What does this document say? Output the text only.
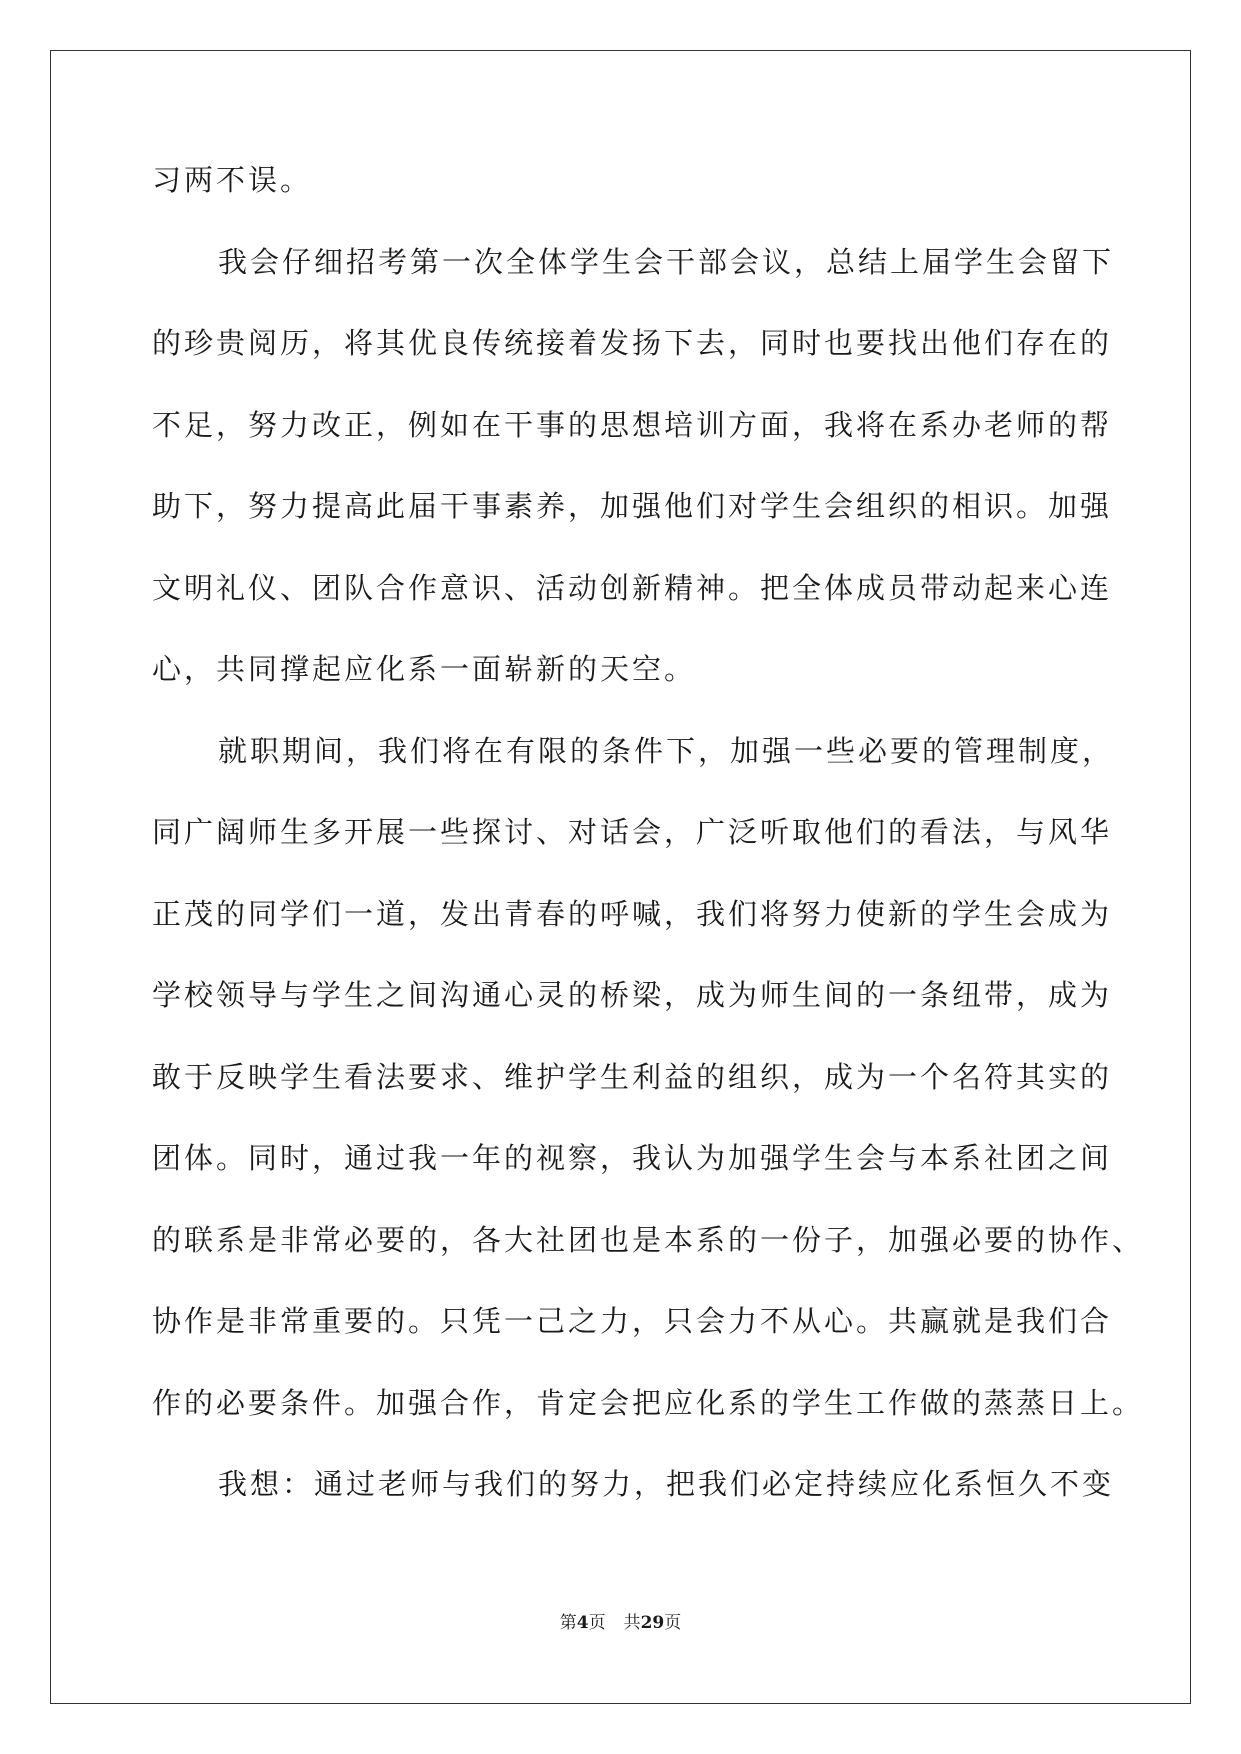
习两不误。
我会仔细招考第一次全体学生会干部会议，总结上届学生会留下
的珍贵阅历，将其优良传统接着发扬下去，同时也要找出他们存在的
不足，努力改正，例如在干事的思想培训方面，我将在系办老师的帮
助下，努力提高此届干事素养，加强他们对学生会组织的相识。加强
文明礼仪、团队合作意识、活动创新精神。把全体成员带动起来心连
心，共同撑起应化系一面崭新的天空。
就职期间，我们将在有限的条件下，加强一些必要的管理制度，
同广阔师生多开展一些探讨、对话会，广泛听取他们的看法，与风华
正茂的同学们一道，发出青春的呼喊，我们将努力使新的学生会成为
学校领导与学生之间沟通心灵的桥梁，成为师生间的一条纽带，成为
敢于反映学生看法要求、维护学生利益的组织，成为一个名符其实的
团体。同时，通过我一年的视察，我认为加强学生会与本系社团之间
的联系是非常必要的，各大社团也是本系的一份子，加强必要的协作、
协作是非常重要的。只凭一己之力，只会力不从心。共赢就是我们合
作的必要条件。加强合作，肯定会把应化系的学生工作做的蒸蒸日上。
我想：通过老师与我们的努力，把我们必定持续应化系恒久不变
第4页 共29页
